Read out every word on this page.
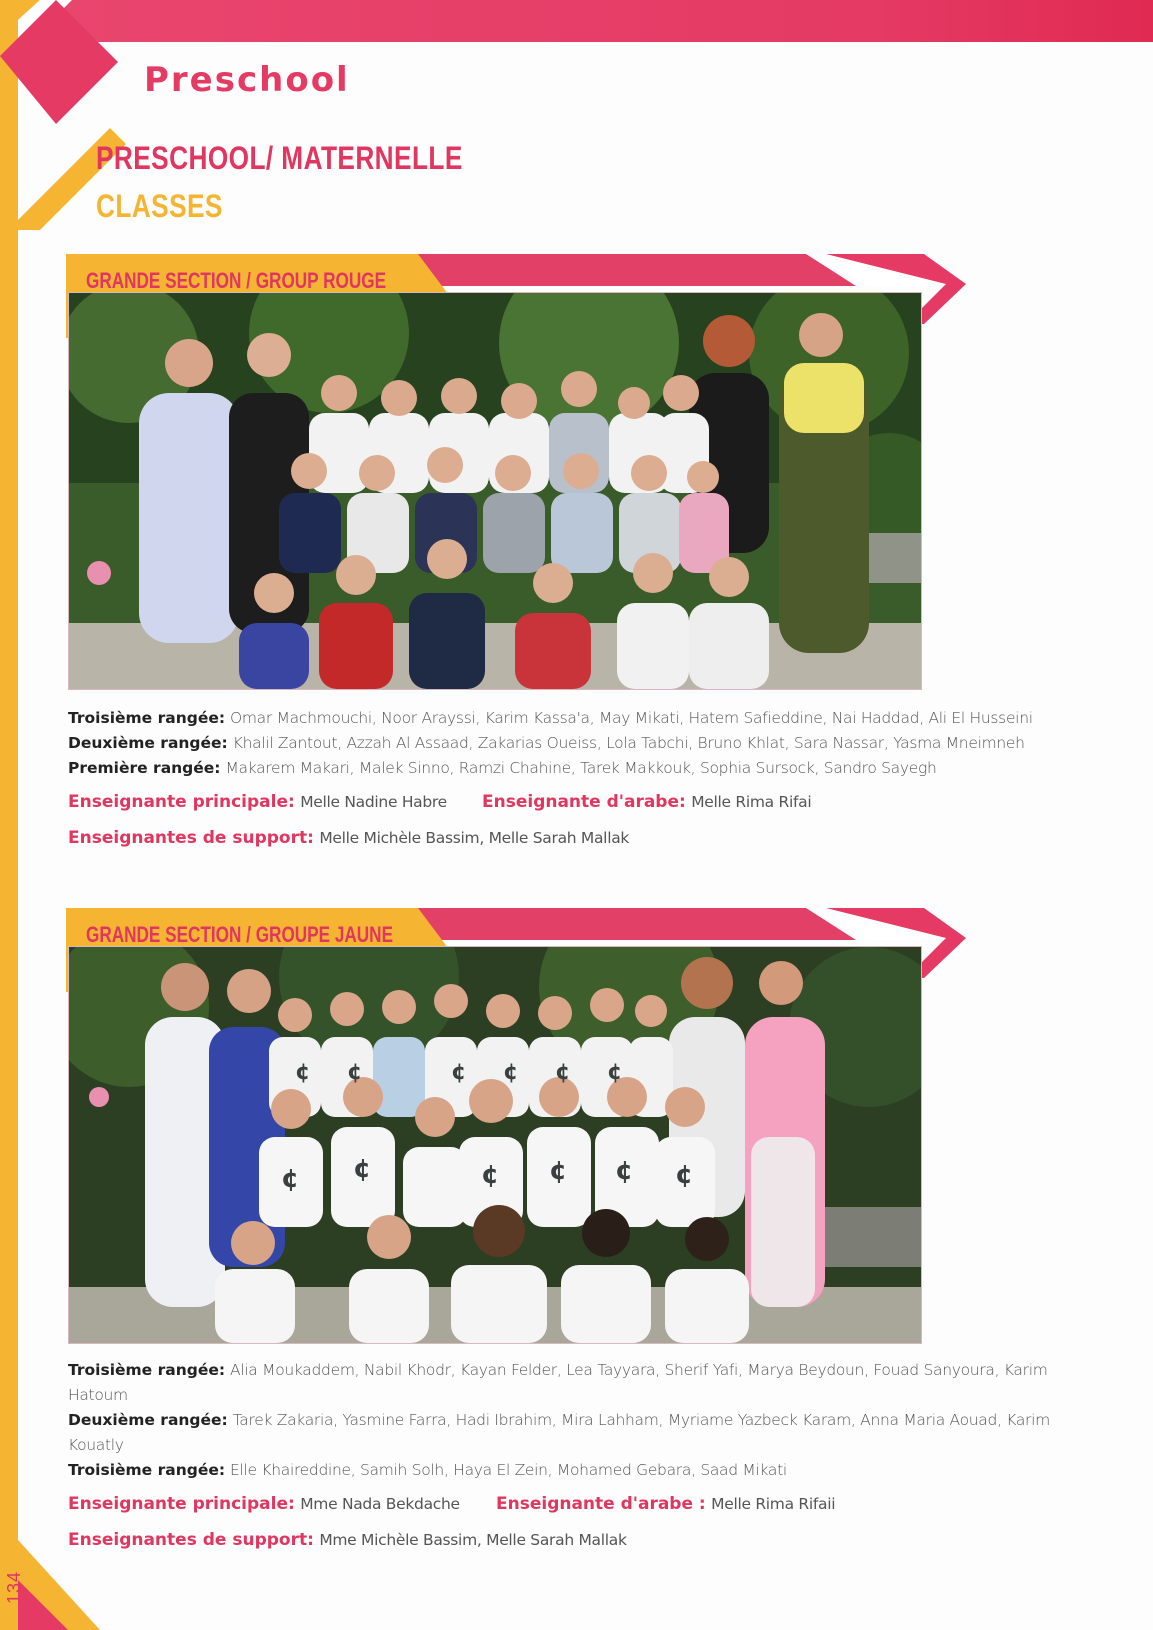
134
Preschool
PRESCHOOL/ MATERNELLE
CLASSES
GRANDE SECTION / GROUP ROUGE
Troisième rangée: Omar Machmouchi, Noor Arayssi, Karim Kassa'a, May Mikati, Hatem Safieddine, Nai Haddad, Ali El Husseini
Deuxième rangée: Khalil Zantout, Azzah Al Assaad, Zakarias Oueiss, Lola Tabchi, Bruno Khlat, Sara Nassar, Yasma Mneimneh
Première rangée: Makarem Makari, Malek Sinno, Ramzi Chahine, Tarek Makkouk, Sophia Sursock, Sandro Sayegh
Enseignante principale: Melle Nadine Habre Enseignante d'arabe: Melle Rima Rifai
Enseignantes de support: Melle Michèle Bassim, Melle Sarah Mallak
GRANDE SECTION / GROUPE JAUNE
¢ ¢	¢ ¢ ¢ ¢
¢ ¢	¢ ¢ ¢ ¢
Troisième rangée: Alia Moukaddem, Nabil Khodr, Kayan Felder, Lea Tayyara, Sherif Yafi, Marya Beydoun, Fouad Sanyoura, Karim Hatoum
Deuxième rangée: Tarek Zakaria, Yasmine Farra, Hadi Ibrahim, Mira Lahham, Myriame Yazbeck Karam, Anna Maria Aouad, Karim Kouatly
Troisième rangée: Elle Khaireddine, Samih Solh, Haya El Zein, Mohamed Gebara, Saad Mikati
Enseignante principale: Mme Nada Bekdache Enseignante d'arabe : Melle Rima Rifaii
Enseignantes de support: Mme Michèle Bassim, Melle Sarah Mallak
